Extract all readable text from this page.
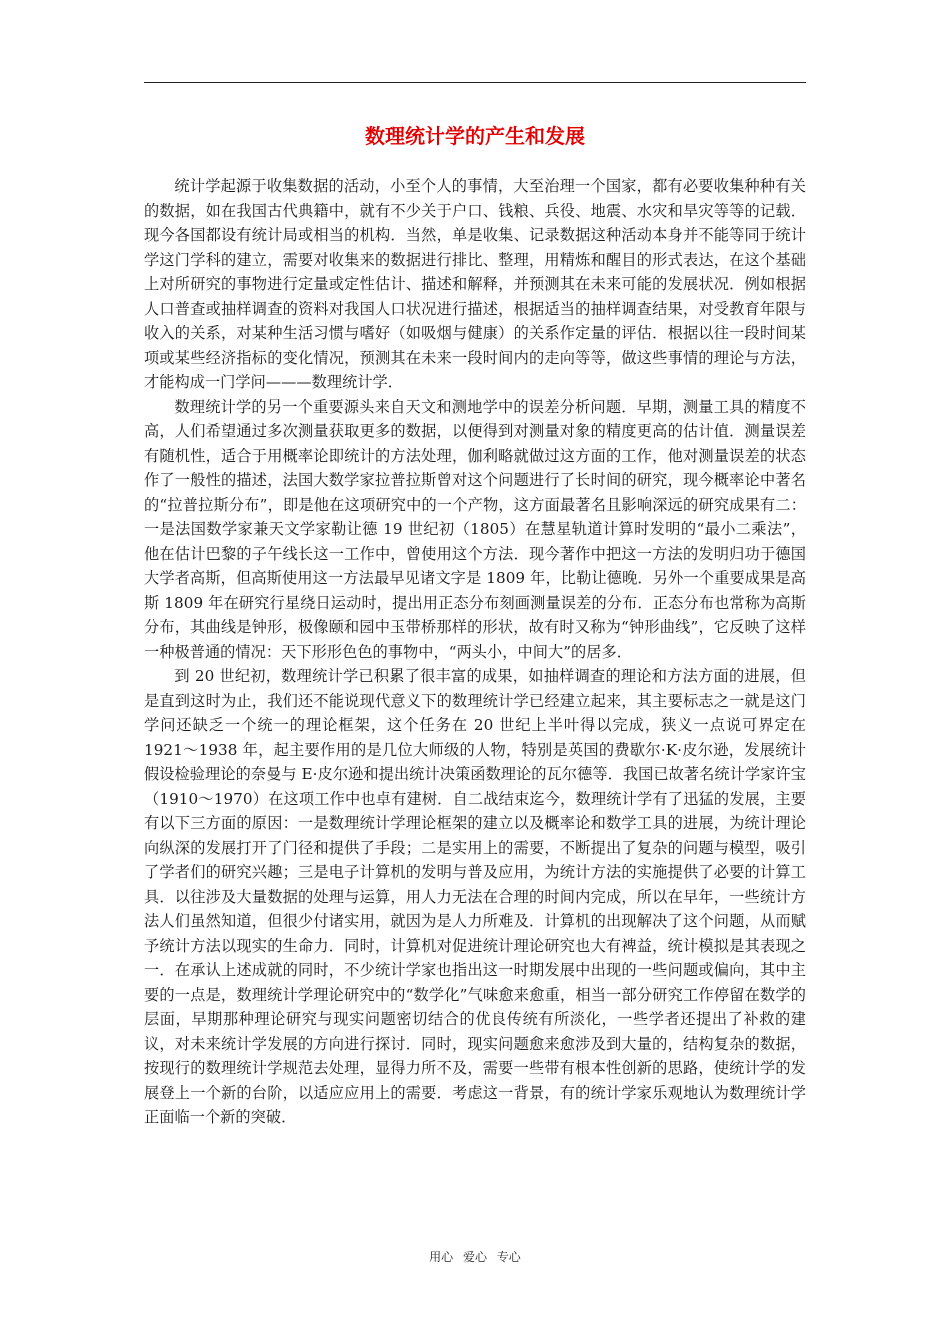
数理统计学的产生和发展

统计学起源于收集数据的活动，小至个人的事情，大至治理一个国家，都有必要收集种种有关的数据，如在我国古代典籍中，就有不少关于户口、钱粮、兵役、地震、水灾和旱灾等等的记载．现今各国都设有统计局或相当的机构．当然，单是收集、记录数据这种活动本身并不能等同于统计学这门学科的建立，需要对收集来的数据进行排比、整理，用精炼和醒目的形式表达，在这个基础上对所研究的事物进行定量或定性估计、描述和解释，并预测其在未来可能的发展状况．例如根据人口普查或抽样调查的资料对我国人口状况进行描述，根据适当的抽样调查结果，对受教育年限与收入的关系，对某种生活习惯与嗜好（如吸烟与健康）的关系作定量的评估．根据以往一段时间某项或某些经济指标的变化情况，预测其在未来一段时间内的走向等等，做这些事情的理论与方法，才能构成一门学问———数理统计学．

数理统计学的另一个重要源头来自天文和测地学中的误差分析问题．早期，测量工具的精度不高，人们希望通过多次测量获取更多的数据，以便得到对测量对象的精度更高的估计值．测量误差有随机性，适合于用概率论即统计的方法处理，伽利略就做过这方面的工作，他对测量误差的状态作了一般性的描述，法国大数学家拉普拉斯曾对这个问题进行了长时间的研究，现今概率论中著名的“拉普拉斯分布”，即是他在这项研究中的一个产物，这方面最著名且影响深远的研究成果有二：一是法国数学家兼天文学家勒让德 19 世纪初（1805）在慧星轨道计算时发明的“最小二乘法”，他在估计巴黎的子午线长这一工作中，曾使用这个方法．现今著作中把这一方法的发明归功于德国大学者高斯，但高斯使用这一方法最早见诸文字是 1809 年，比勒让德晚．另外一个重要成果是高斯 1809 年在研究行星绕日运动时，提出用正态分布刻画测量误差的分布．正态分布也常称为高斯分布，其曲线是钟形，极像颐和园中玉带桥那样的形状，故有时又称为“钟形曲线”，它反映了这样一种极普通的情况：天下形形色色的事物中，“两头小，中间大”的居多．

到 20 世纪初，数理统计学已积累了很丰富的成果，如抽样调查的理论和方法方面的进展，但是直到这时为止，我们还不能说现代意义下的数理统计学已经建立起来，其主要标志之一就是这门学问还缺乏一个统一的理论框架，这个任务在 20 世纪上半叶得以完成，狭义一点说可界定在 1921～1938 年，起主要作用的是几位大师级的人物，特别是英国的费歇尔·K·皮尔逊，发展统计假设检验理论的奈曼与 E·皮尔逊和提出统计决策函数理论的瓦尔德等．我国已故著名统计学家许宝（1910～1970）在这项工作中也卓有建树．自二战结束迄今，数理统计学有了迅猛的发展，主要有以下三方面的原因：一是数理统计学理论框架的建立以及概率论和数学工具的进展，为统计理论向纵深的发展打开了门径和提供了手段；二是实用上的需要，不断提出了复杂的问题与模型，吸引了学者们的研究兴趣；三是电子计算机的发明与普及应用，为统计方法的实施提供了必要的计算工具．以往涉及大量数据的处理与运算，用人力无法在合理的时间内完成，所以在早年，一些统计方法人们虽然知道，但很少付诸实用，就因为是人力所难及．计算机的出现解决了这个问题，从而赋予统计方法以现实的生命力．同时，计算机对促进统计理论研究也大有裨益，统计模拟是其表现之一．在承认上述成就的同时，不少统计学家也指出这一时期发展中出现的一些问题或偏向，其中主要的一点是，数理统计学理论研究中的“数学化”气味愈来愈重，相当一部分研究工作停留在数学的层面，早期那种理论研究与现实问题密切结合的优良传统有所淡化，一些学者还提出了补救的建议，对未来统计学发展的方向进行探讨．同时，现实问题愈来愈涉及到大量的，结构复杂的数据，按现行的数理统计学规范去处理，显得力所不及，需要一些带有根本性创新的思路，使统计学的发展登上一个新的台阶，以适应应用上的需要．考虑这一背景，有的统计学家乐观地认为数理统计学正面临一个新的突破．

用心 爱心 专心
